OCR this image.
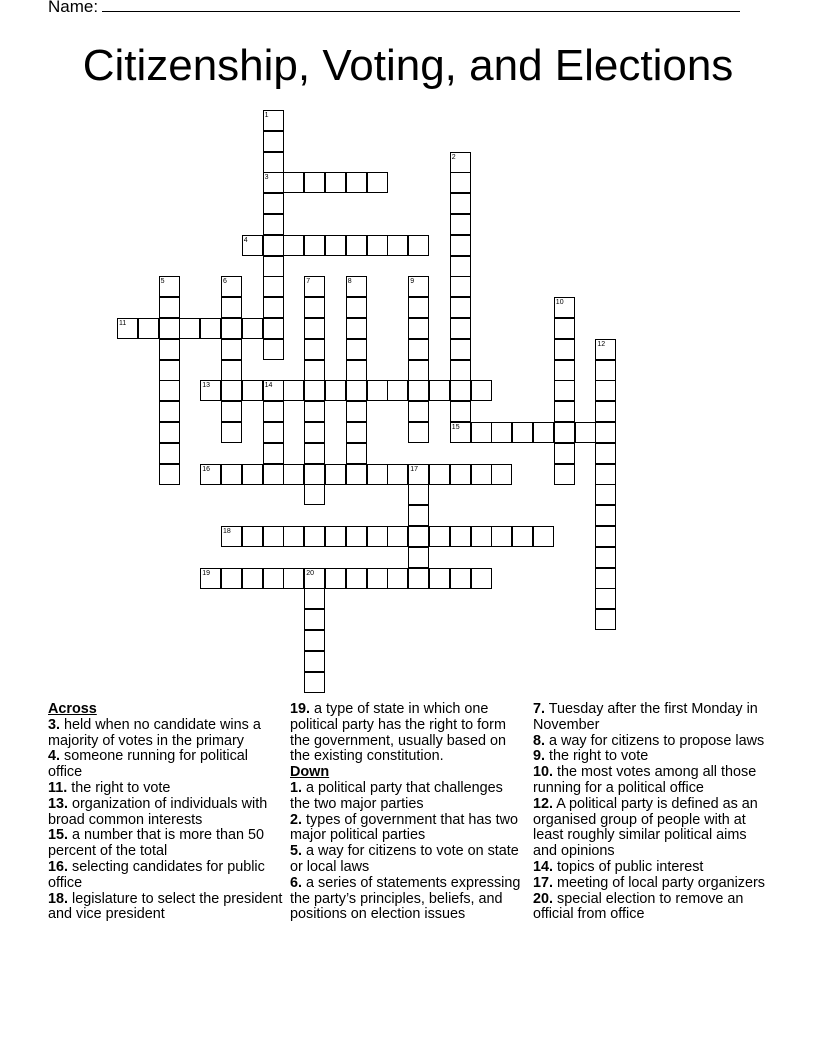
Name:
Citizenship, Voting, and Elections
1
2
3
4
5	6	7	8	9
10
11
12
13	14
15
16	17
18
19	20
Across
3. held when no candidate wins a majority of votes in the primary
4. someone running for political office
11. the right to vote
13. organization of individuals with broad common interests
15. a number that is more than 50 percent of the total
16. selecting candidates for public office
18. legislature to select the president and vice president
19. a type of state in which one political party has the right to form the government, usually based on the existing constitution.
Down
1. a political party that challenges the two major parties
2. types of government that has two major political parties
5. a way for citizens to vote on state or local laws
6. a series of statements expressing the party’s principles, beliefs, and positions on election issues
7. Tuesday after the first Monday in November
8. a way for citizens to propose laws
9. the right to vote
10. the most votes among all those running for a political office
12. A political party is defined as an organised group of people with at least roughly similar political aims and opinions
14. topics of public interest
17. meeting of local party organizers
20. special election to remove an official from office
